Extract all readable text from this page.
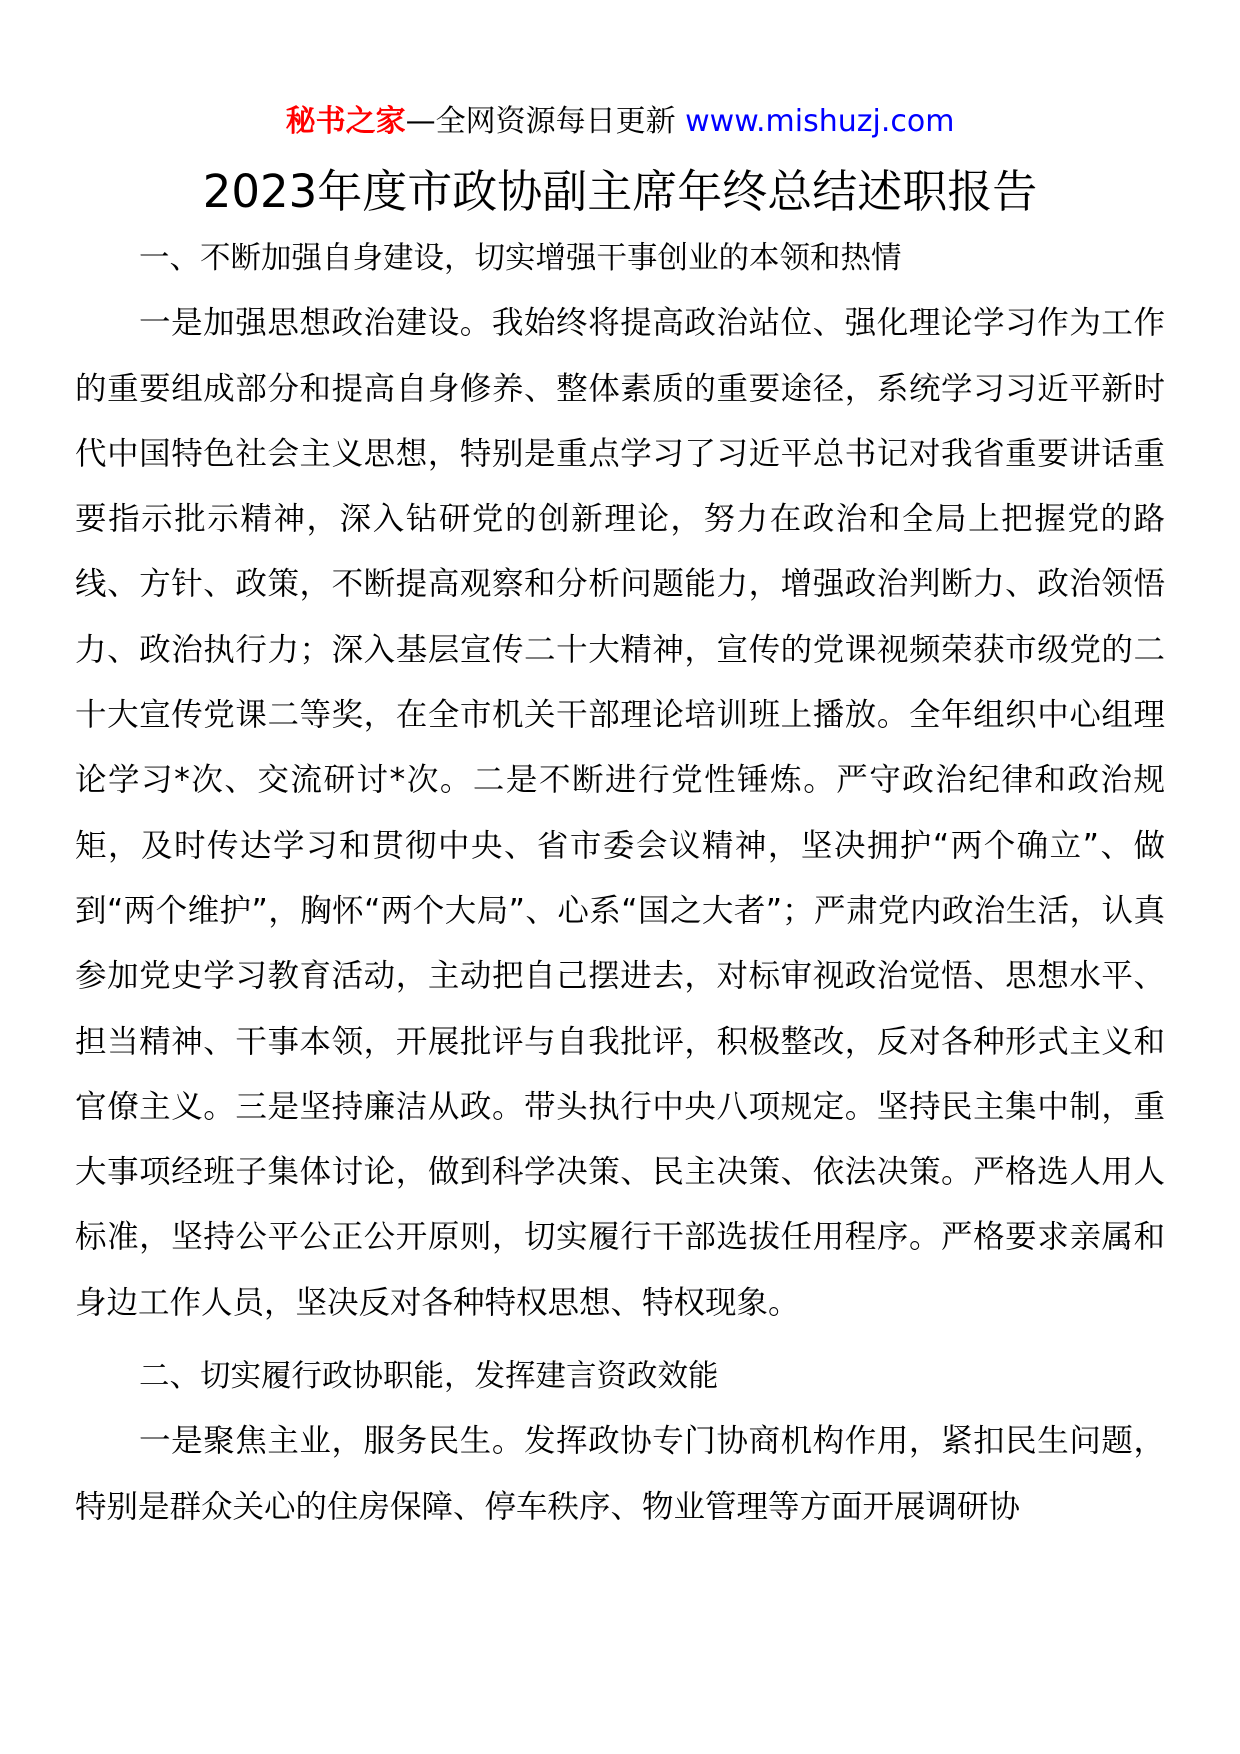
秘书之家—全网资源每日更新 www.mishuzj.com
2023年度市政协副主席年终总结述职报告

一、不断加强自身建设，切实增强干事创业的本领和热情

一是加强思想政治建设。我始终将提高政治站位、强化理论学习作为工作的重要组成部分和提高自身修养、整体素质的重要途径，系统学习习近平新时代中国特色社会主义思想，特别是重点学习了习近平总书记对我省重要讲话重要指示批示精神，深入钻研党的创新理论，努力在政治和全局上把握党的路线、方针、政策，不断提高观察和分析问题能力，增强政治判断力、政治领悟力、政治执行力；深入基层宣传二十大精神，宣传的党课视频荣获市级党的二十大宣传党课二等奖，在全市机关干部理论培训班上播放。全年组织中心组理论学习*次、交流研讨*次。二是不断进行党性锤炼。严守政治纪律和政治规矩，及时传达学习和贯彻中央、省市委会议精神，坚决拥护“两个确立”、做到“两个维护”，胸怀“两个大局”、心系“国之大者”；严肃党内政治生活，认真参加党史学习教育活动，主动把自己摆进去，对标审视政治觉悟、思想水平、担当精神、干事本领，开展批评与自我批评，积极整改，反对各种形式主义和官僚主义。三是坚持廉洁从政。带头执行中央八项规定。坚持民主集中制，重大事项经班子集体讨论，做到科学决策、民主决策、依法决策。严格选人用人标准，坚持公平公正公开原则，切实履行干部选拔任用程序。严格要求亲属和身边工作人员，坚决反对各种特权思想、特权现象。

二、切实履行政协职能，发挥建言资政效能

一是聚焦主业，服务民生。发挥政协专门协商机构作用，紧扣民生问题，特别是群众关心的住房保障、停车秩序、物业管理等方面开展调研协
